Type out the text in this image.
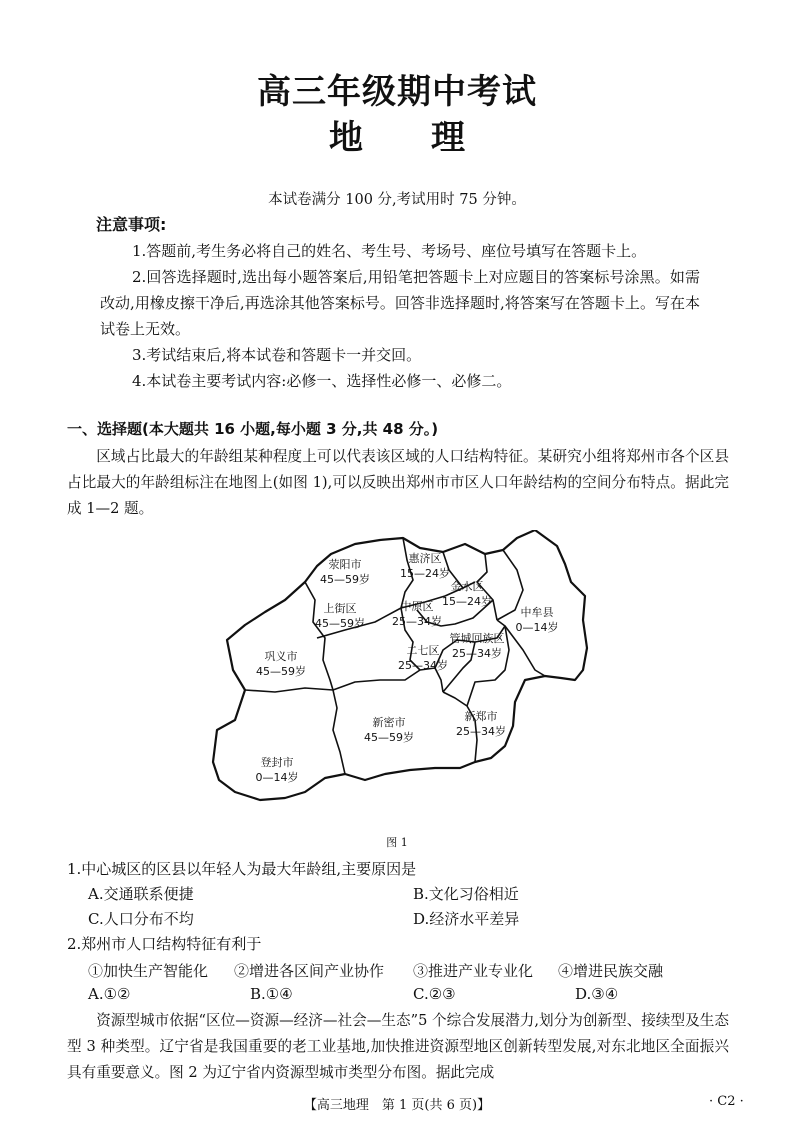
高三年级期中考试
地　　理
本试卷满分 100 分,考试用时 75 分钟。
注意事项:
1.答题前,考生务必将自己的姓名、考生号、考场号、座位号填写在答题卡上。
2.回答选择题时,选出每小题答案后,用铅笔把答题卡上对应题目的答案标号涂黑。如需改动,用橡皮擦干净后,再选涂其他答案标号。回答非选择题时,将答案写在答题卡上。写在本试卷上无效。
3.考试结束后,将本试卷和答题卡一并交回。
4.本试卷主要考试内容:必修一、选择性必修一、必修二。
一、选择题(本大题共 16 小题,每小题 3 分,共 48 分。)
区域占比最大的年龄组某种程度上可以代表该区域的人口结构特征。某研究小组将郑州市各个区县占比最大的年龄组标注在地图上(如图 1),可以反映出郑州市市区人口年龄结构的空间分布特点。据此完成 1—2 题。
荥阳市
45—59岁
惠济区
15—24岁
金水区
15—24岁
中牟县
0—14岁
上街区
45—59岁
中原区
25—34岁
管城回族区
25—34岁
二七区
25—34岁
巩义市
45—59岁
新密市
45—59岁
新郑市
25—34岁
登封市
0—14岁
图 1
1.中心城区的区县以年轻人为最大年龄组,主要原因是
A.交通联系便捷	B.文化习俗相近
C.人口分布不均	D.经济水平差异
2.郑州市人口结构特征有利于
①加快生产智能化 ②增进各区间产业协作 ③推进产业专业化 ④增进民族交融
A.①②	B.①④	C.②③	D.③④
资源型城市依据“区位—资源—经济—社会—生态”5 个综合发展潜力,划分为创新型、接续型及生态型 3 种类型。辽宁省是我国重要的老工业基地,加快推进资源型地区创新转型发展,对东北地区全面振兴具有重要意义。图 2 为辽宁省内资源型城市类型分布图。据此完成
【高三地理　第 1 页(共 6 页)】	· C2 ·
